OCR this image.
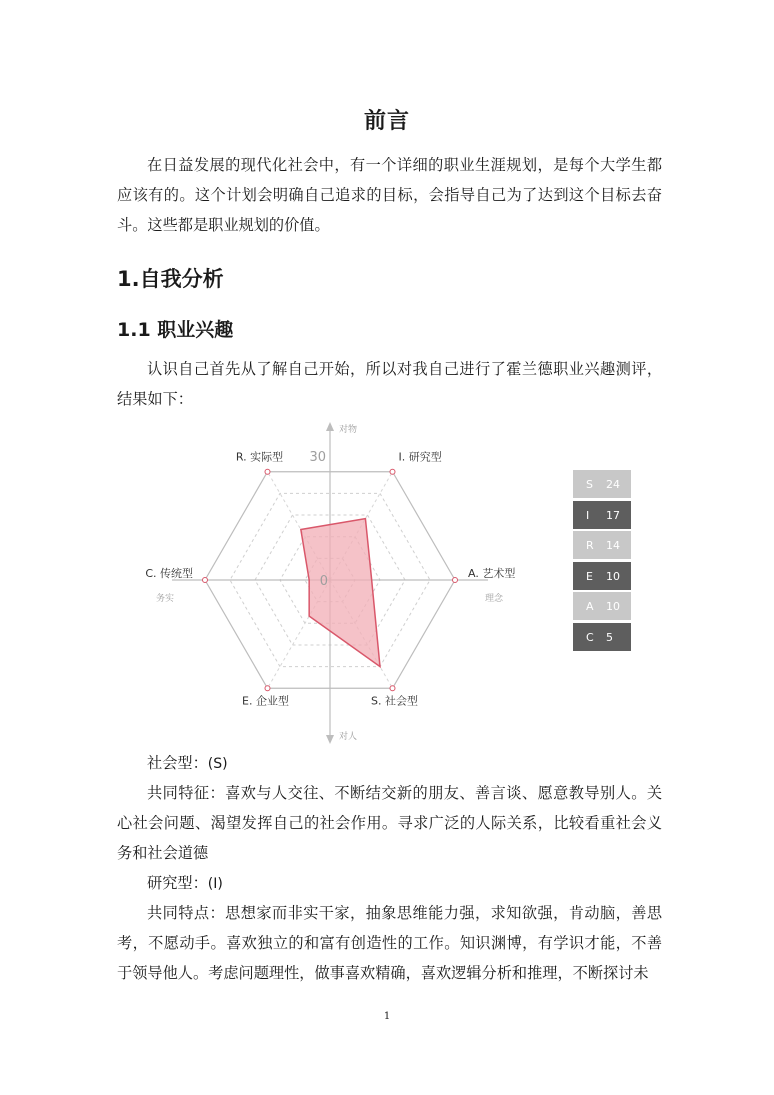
前言

在日益发展的现代化社会中，有一个详细的职业生涯规划，是每个大学生都应该有的。这个计划会明确自己追求的目标，会指导自己为了达到这个目标去奋斗。这些都是职业规划的价值。

1.自我分析
1.1 职业兴趣

认识自己首先从了解自己开始，所以对我自己进行了霍兰德职业兴趣测评，结果如下：

30
0
I. 研究型
A. 艺术型
S. 社会型
E. 企业型
C. 传统型
R. 实际型
对物
对人
务实	理念
S 24
I 17
R 14
E 10
A 10
C 5
社会型：(S)

共同特征：喜欢与人交往、不断结交新的朋友、善言谈、愿意教导别人。关心社会问题、渴望发挥自己的社会作用。寻求广泛的人际关系，比较看重社会义务和社会道德

研究型：(I)

共同特点：思想家而非实干家，抽象思维能力强，求知欲强，肯动脑，善思考，不愿动手。喜欢独立的和富有创造性的工作。知识渊博，有学识才能，不善于领导他人。考虑问题理性，做事喜欢精确，喜欢逻辑分析和推理，不断探讨未

1
